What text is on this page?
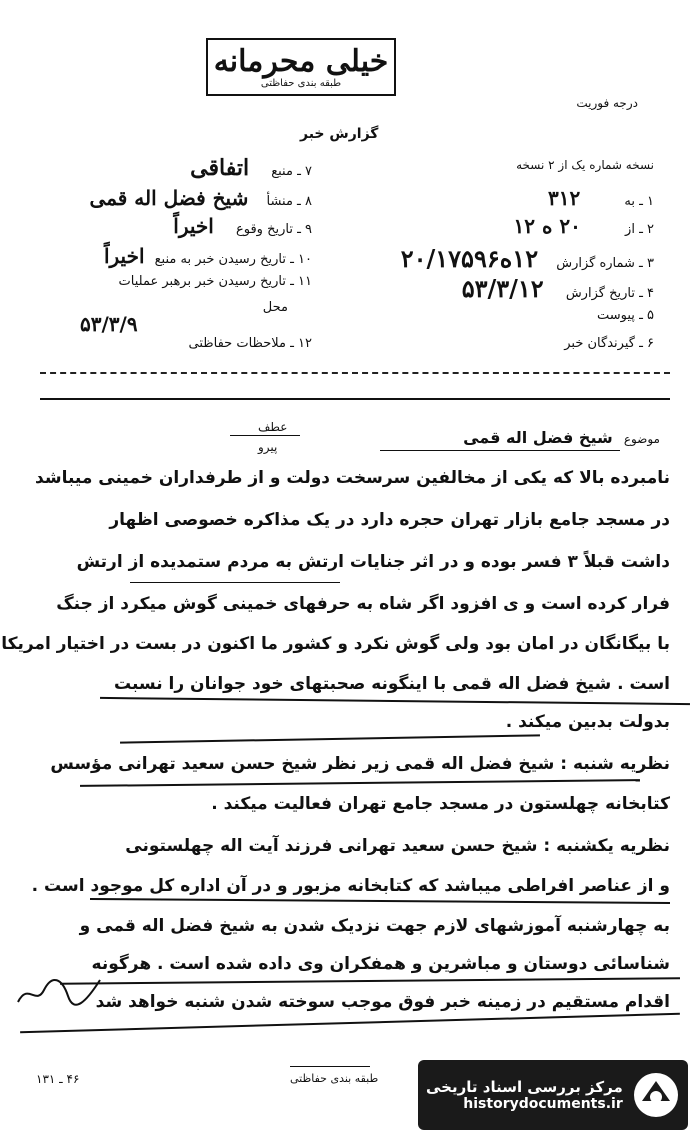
خیلی محرمانه
طبقه بندی حفاظتی
درجه فوریت
گزارش خبر
نسخه شماره یک از ۲ نسخه
۷ ـ منبع اتفاقی
۸ ـ منشأ شیخ فضل اله قمی
۹ ـ تاریخ وقوع اخیراً
۱۰ ـ تاریخ رسیدن خبر به منبع اخیراً
۱۱ ـ تاریخ رسیدن خبر برهبر عملیات
محل
۵۳/۳/۹
۱۲ ـ ملاحظات حفاظتی
۱ ـ به ۳۱۲
۲ ـ از ۲۰ ه ۱۲
۳ ـ شماره گزارش ۱۲ه۲۰/۱۷۵۹۶
۴ ـ تاریخ گزارش ۵۳/۳/۱۲
۵ ـ پیوست
۶ ـ گیرندگان خبر
عطف
پیرو
موضوع شیخ فضل اله قمی
نامبرده بالا که یکی از مخالفین سرسخت دولت و از طرفداران خمینی میباشد
در مسجد جامع بازار تهران حجره دارد در یک مذاکره خصوصی اظهار
داشت قبلاً ۳ فسر بوده و در اثر جنایات ارتش به مردم ستمدیده از ارتش
فرار کرده است و ی افزود اگر شاه به حرفهای خمینی گوش میکرد از جنگ
با بیگانگان در امان بود ولی گوش نکرد و کشور ما اکنون در بست در اختیار امریکا
است . شیخ فضل اله قمی با اینگونه صحبتهای خود جوانان را نسبت
بدولت بدبین میکند .
نظریه شنبه : شیخ فضل اله قمی زیر نظر شیخ حسن سعید تهرانی مؤسس
کتابخانه چهلستون در مسجد جامع تهران فعالیت میکند .
نظریه یکشنبه : شیخ حسن سعید تهرانی فرزند آیت اله چهلستونی
و از عناصر افراطی میباشد که کتابخانه مزبور و در آن اداره کل موجود است .
به چهارشنبه آموزشهای لازم جهت نزدیک شدن به شیخ فضل اله قمی و
شناسائی دوستان و مباشرین و همفکران وی داده شده است . هرگونه
اقدام مستقیم در زمینه خبر فوق موجب سوخته شدن شنبه خواهد شد
۴۶ ـ ۱۳۱	طبقه بندی حفاظتی	مرکز بررسی اسناد تاریخی
historydocuments.ir
